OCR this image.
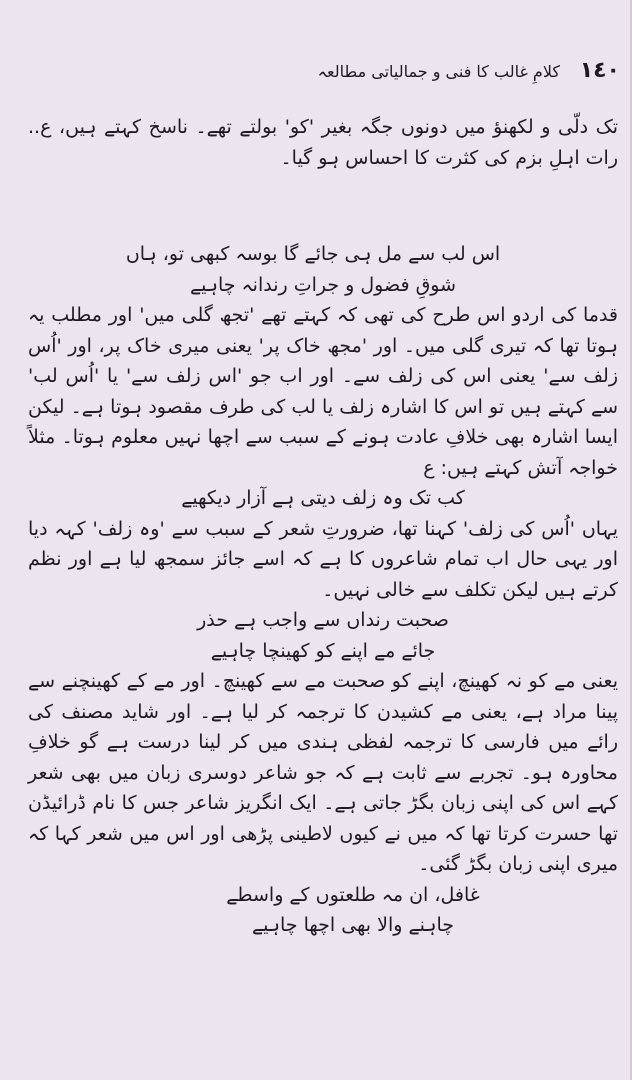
١٤٠
کلامِ غالب کا فنی و جمالیاتی مطالعہ

تک دلّی و لکھنؤ میں دونوں جگہ بغیر 'کو' بولتے تھے۔ ناسخ کہتے ہیں، ع.. رات اہلِ بزم کی کثرت کا احساس ہو گیا۔

اس لب سے مل ہی جائے گا بوسہ کبھی تو، ہاں

شوقِ فضول و جراتِ رندانہ چاہیے

قدما کی اردو اس طرح کی تھی کہ کہتے تھے 'تجھ گلی میں' اور مطلب یہ ہوتا تھا کہ تیری گلی میں۔ اور 'مجھ خاک پر' یعنی میری خاک پر، اور 'اُس زلف سے' یعنی اس کی زلف سے۔ اور اب جو 'اس زلف سے' یا 'اُس لب' سے کہتے ہیں تو اس کا اشارہ زلف یا لب کی طرف مقصود ہوتا ہے۔ لیکن ایسا اشارہ بھی خلافِ عادت ہونے کے سبب سے اچھا نہیں معلوم ہوتا۔ مثلاً خواجہ آتش کہتے ہیں: ع

کب تک وہ زلف دیتی ہے آزار دیکھیے

یہاں 'اُس کی زلف' کہنا تھا، ضرورتِ شعر کے سبب سے 'وہ زلف' کہہ دیا اور یہی حال اب تمام شاعروں کا ہے کہ اسے جائز سمجھ لیا ہے اور نظم کرتے ہیں لیکن تکلف سے خالی نہیں۔

صحبت رنداں سے واجب ہے حذر

جائے مے اپنے کو کھینچا چاہیے

یعنی مے کو نہ کھینچ، اپنے کو صحبت مے سے کھینچ۔ اور مے کے کھینچنے سے پینا مراد ہے، یعنی مے کشیدن کا ترجمہ کر لیا ہے۔ اور شاید مصنف کی رائے میں فارسی کا ترجمہ لفظی ہندی میں کر لینا درست ہے گو خلافِ محاورہ ہو۔ تجربے سے ثابت ہے کہ جو شاعر دوسری زبان میں بھی شعر کہے اس کی اپنی زبان بگڑ جاتی ہے۔ ایک انگریز شاعر جس کا نام ڈرائیڈن تھا حسرت کرتا تھا کہ میں نے کیوں لاطینی پڑھی اور اس میں شعر کہا کہ میری اپنی زبان بگڑ گئی۔

غافل، ان مہ طلعتوں کے واسطے

چاہنے والا بھی اچھا چاہیے
